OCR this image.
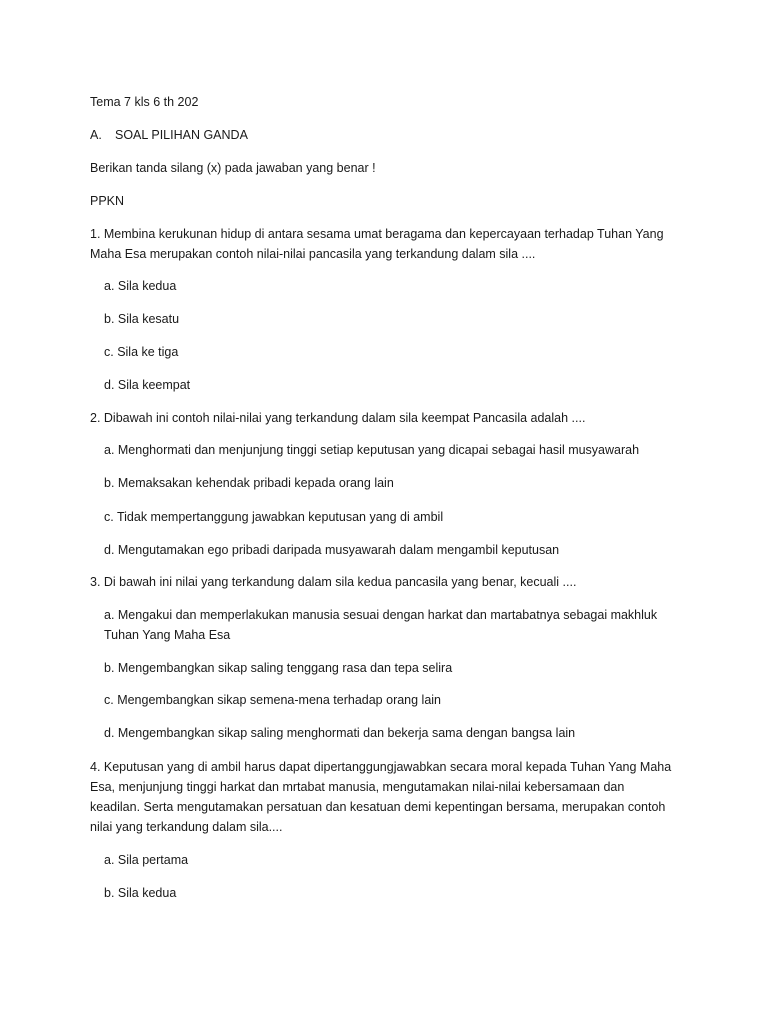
Tema 7 kls 6 th 202
A. SOAL PILIHAN GANDA
Berikan tanda silang (x) pada jawaban yang benar !
PPKN
1. Membina kerukunan hidup di antara sesama umat beragama dan kepercayaan terhadap Tuhan Yang
Maha Esa merupakan contoh nilai-nilai pancasila yang terkandung dalam sila ....
a. Sila kedua
b. Sila kesatu
c. Sila ke tiga
d. Sila keempat
2. Dibawah ini contoh nilai-nilai yang terkandung dalam sila keempat Pancasila adalah ....
a. Menghormati dan menjunjung tinggi setiap keputusan yang dicapai sebagai hasil musyawarah
b. Memaksakan kehendak pribadi kepada orang lain
c. Tidak mempertanggung jawabkan keputusan yang di ambil
d. Mengutamakan ego pribadi daripada musyawarah dalam mengambil keputusan
3. Di bawah ini nilai yang terkandung dalam sila kedua pancasila yang benar, kecuali ....
a. Mengakui dan memperlakukan manusia sesuai dengan harkat dan martabatnya sebagai makhluk
Tuhan Yang Maha Esa
b. Mengembangkan sikap saling tenggang rasa dan tepa selira
c. Mengembangkan sikap semena-mena terhadap orang lain
d. Mengembangkan sikap saling menghormati dan bekerja sama dengan bangsa lain
4. Keputusan yang di ambil harus dapat dipertanggungjawabkan secara moral kepada Tuhan Yang Maha
Esa, menjunjung tinggi harkat dan mrtabat manusia, mengutamakan nilai-nilai kebersamaan dan
keadilan. Serta mengutamakan persatuan dan kesatuan demi kepentingan bersama, merupakan contoh
nilai yang terkandung dalam sila....
a. Sila pertama
b. Sila kedua
